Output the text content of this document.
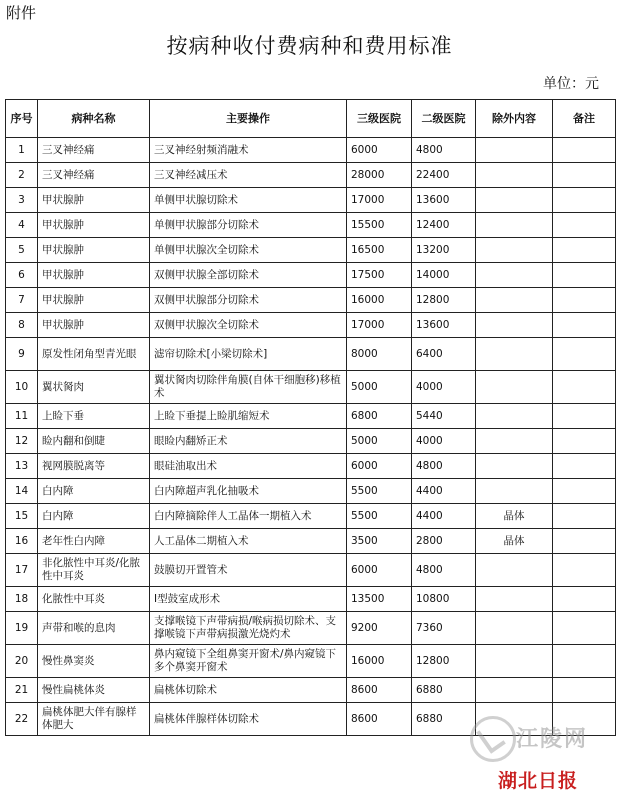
附件
按病种收付费病种和费用标准
单位：元
序号	病种名称	主要操作	三级医院	二级医院	除外内容	备注
1	三叉神经痛	三叉神经射频消融术	6000	4800		
2	三叉神经痛	三叉神经减压术	28000	22400		
3	甲状腺肿	单侧甲状腺切除术	17000	13600		
4	甲状腺肿	单侧甲状腺部分切除术	15500	12400		
5	甲状腺肿	单侧甲状腺次全切除术	16500	13200		
6	甲状腺肿	双侧甲状腺全部切除术	17500	14000		
7	甲状腺肿	双侧甲状腺部分切除术	16000	12800		
8	甲状腺肿	双侧甲状腺次全切除术	17000	13600		
9	原发性闭角型青光眼	滤帘切除术[小梁切除术]	8000	6400		
10	翼状胬肉	翼状胬肉切除伴角膜(自体干细胞移)移植术	5000	4000		
11	上睑下垂	上睑下垂提上睑肌缩短术	6800	5440		
12	睑内翻和倒睫	眼睑内翻矫正术	5000	4000		
13	视网膜脱离等	眼硅油取出术	6000	4800		
14	白内障	白内障超声乳化抽吸术	5500	4400		
15	白内障	白内障摘除伴人工晶体一期植入术	5500	4400	晶体	
16	老年性白内障	人工晶体二期植入术	3500	2800	晶体	
17	非化脓性中耳炎/化脓性中耳炎	鼓膜切开置管术	6000	4800		
18	化脓性中耳炎	I型鼓室成形术	13500	10800		
19	声带和喉的息肉	支撑喉镜下声带病损/喉病损切除术、支撑喉镜下声带病损激光烧灼术	9200	7360		
20	慢性鼻窦炎	鼻内窥镜下全组鼻窦开窗术/鼻内窥镜下多个鼻窦开窗术	16000	12800		
21	慢性扁桃体炎	扁桃体切除术	8600	6880		
22	扁桃体肥大伴有腺样体肥大	扁桃体伴腺样体切除术	8600	6880		
江陵网
湖北日报
